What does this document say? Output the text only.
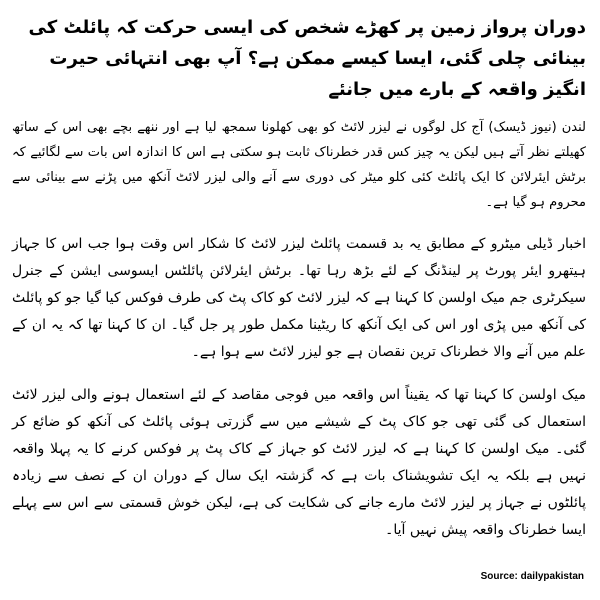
دوران پرواز زمین پر کھڑے شخص کی ایسی حرکت کہ پائلٹ کی بینائی چلی گئی، ایسا کیسے ممکن ہے؟ آپ بھی انتہائی حیرت انگیز واقعہ کے بارے میں جانئے

لندن (نیوز ڈیسک) آج کل لوگوں نے لیزر لائٹ کو بھی کھلونا سمجھ لیا ہے اور ننھے بچے بھی اس کے ساتھ کھیلتے نظر آتے ہیں لیکن یہ چیز کس قدر خطرناک ثابت ہو سکتی ہے اس کا اندازہ اس بات سے لگائیے کہ برٹش ایئرلائن کا ایک پائلٹ کئی کلو میٹر کی دوری سے آنے والی لیزر لائٹ آنکھ میں پڑنے سے بینائی سے محروم ہو گیا ہے۔

اخبار ڈیلی میٹرو کے مطابق یہ بد قسمت پائلٹ لیزر لائٹ کا شکار اس وقت ہوا جب اس کا جہاز ہیتھرو ایئر پورٹ پر لینڈنگ کے لئے بڑھ رہا تھا۔ برٹش ایئرلائن پائلٹس ایسوسی ایشن کے جنرل سیکرٹری جم میک اولسن کا کہنا ہے کہ لیزر لائٹ کو کاک پٹ کی طرف فوکس کیا گیا جو کو پائلٹ کی آنکھ میں پڑی اور اس کی ایک آنکھ کا ریٹینا مکمل طور پر جل گیا۔ ان کا کہنا تھا کہ یہ ان کے علم میں آنے والا خطرناک ترین نقصان ہے جو لیزر لائٹ سے ہوا ہے۔

میک اولسن کا کہنا تھا کہ یقیناً اس واقعہ میں فوجی مقاصد کے لئے استعمال ہونے والی لیزر لائٹ استعمال کی گئی تھی جو کاک پٹ کے شیشے میں سے گزرتی ہوئی پائلٹ کی آنکھ کو ضائع کر گئی۔ میک اولسن کا کہنا ہے کہ لیزر لائٹ کو جہاز کے کاک پٹ پر فوکس کرنے کا یہ پہلا واقعہ نہیں ہے بلکہ یہ ایک تشویشناک بات ہے کہ گزشتہ ایک سال کے دوران ان کے نصف سے زیادہ پائلٹوں نے جہاز پر لیزر لائٹ مارے جانے کی شکایت کی ہے، لیکن خوش قسمتی سے اس سے پہلے ایسا خطرناک واقعہ پیش نہیں آیا۔

Source: dailypakistan
